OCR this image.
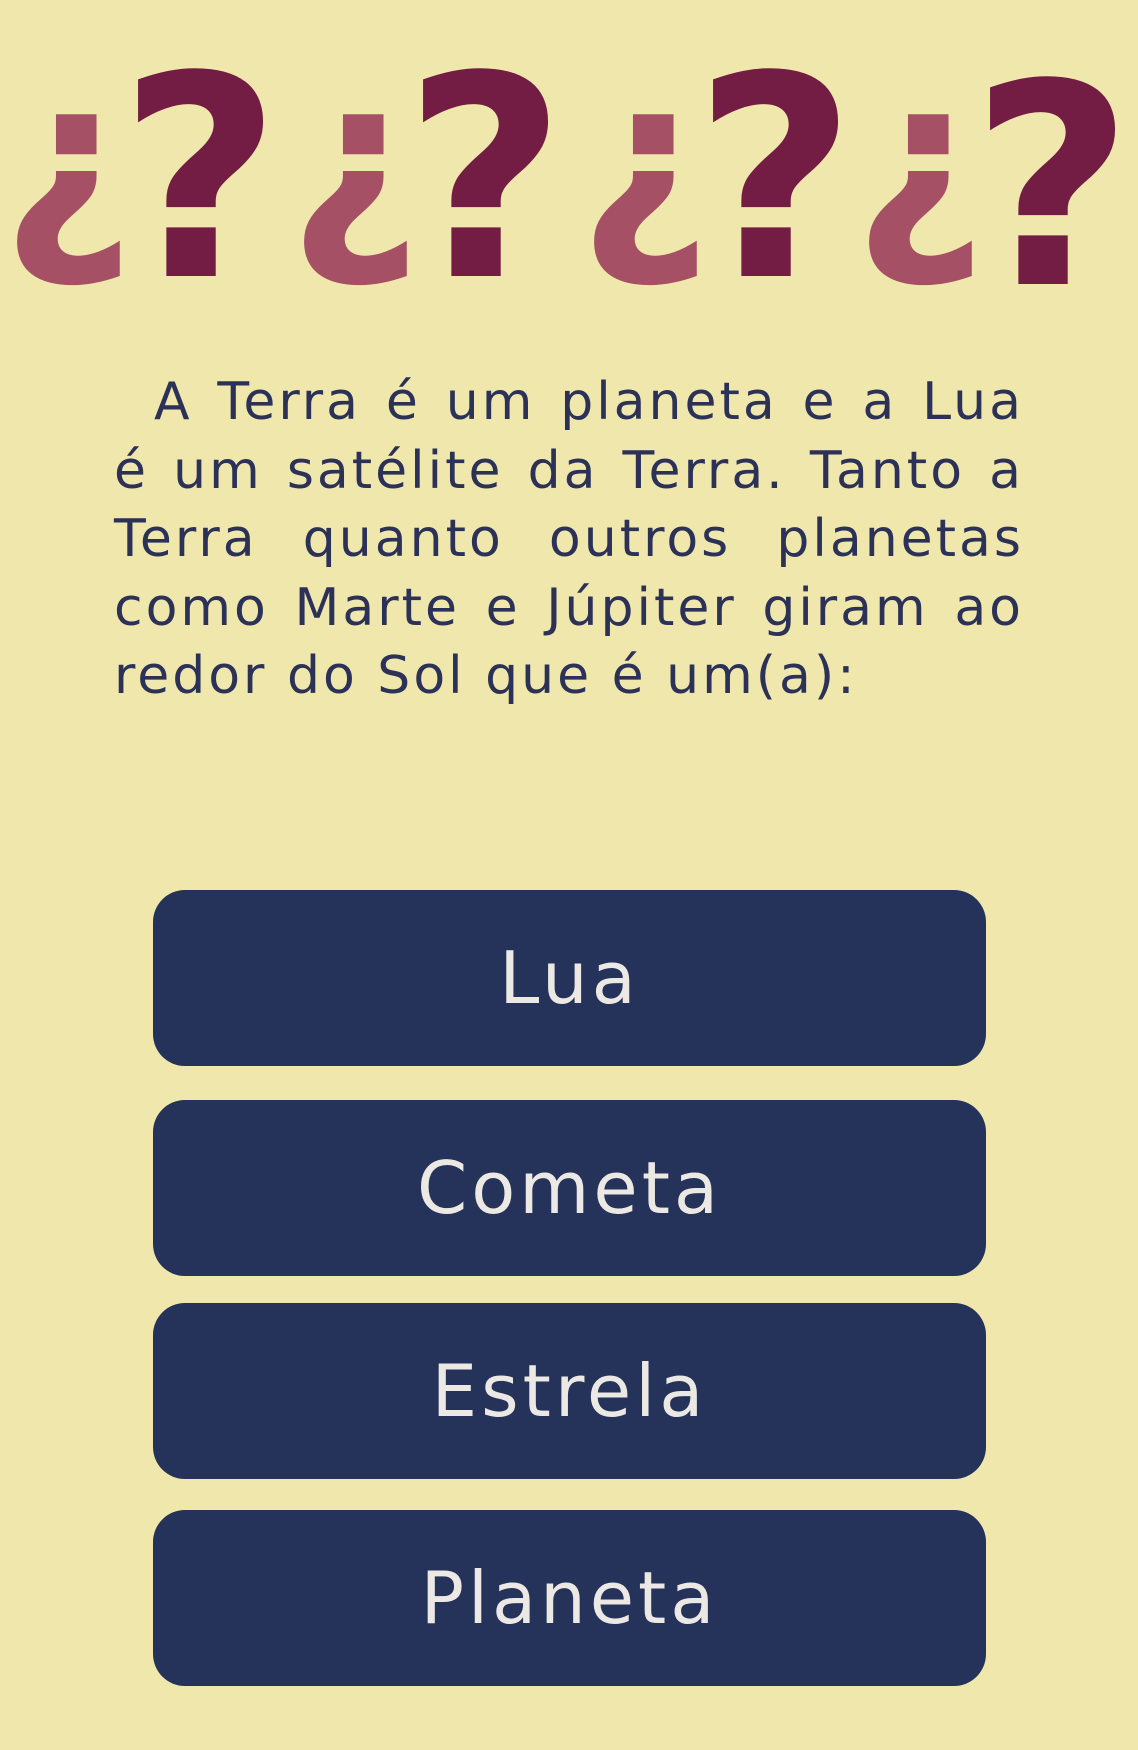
¿
? ¿
? ¿
?
¿
?

A Terra é um planeta e a Lua é um satélite da Terra. Tanto a Terra quanto outros planetas como Marte e Júpiter giram ao redor do Sol que é um(a):

Lua
Cometa
Estrela
Planeta
